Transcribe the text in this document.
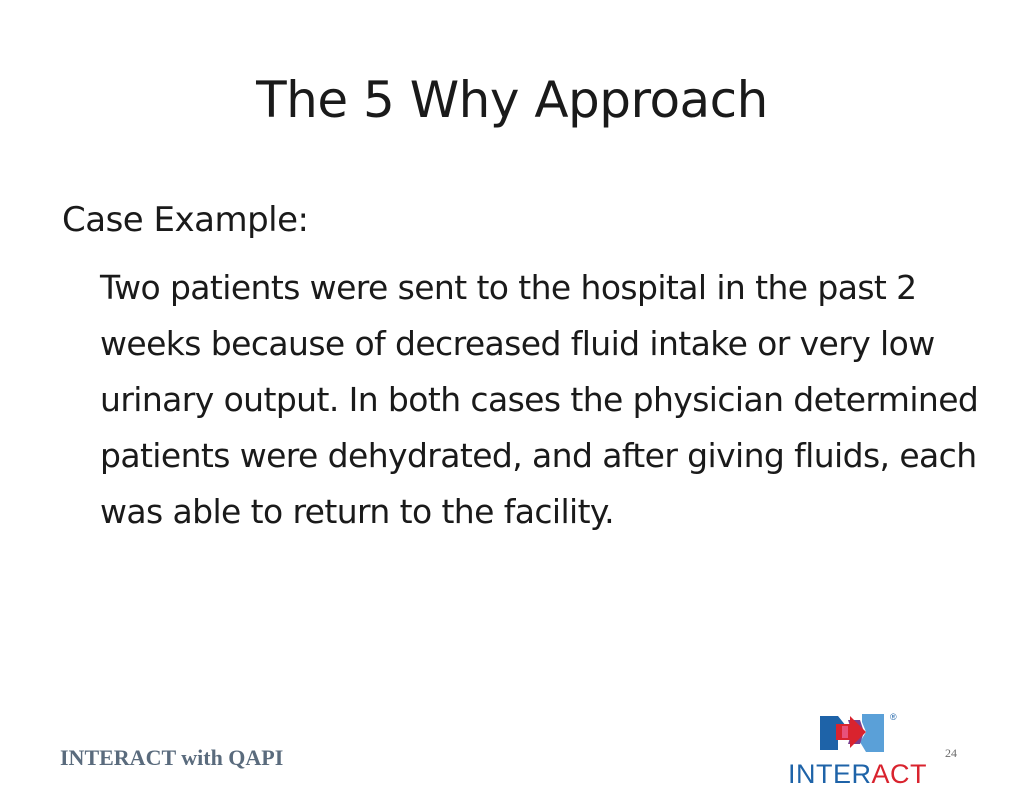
The 5 Why Approach
Case Example:

Two patients were sent to the hospital in the past 2 weeks because of decreased fluid intake or very low urinary output. In both cases the physician determined patients were dehydrated, and after giving fluids, each was able to return to the facility.

INTERACT with QAPI
®
INTERACT
24
